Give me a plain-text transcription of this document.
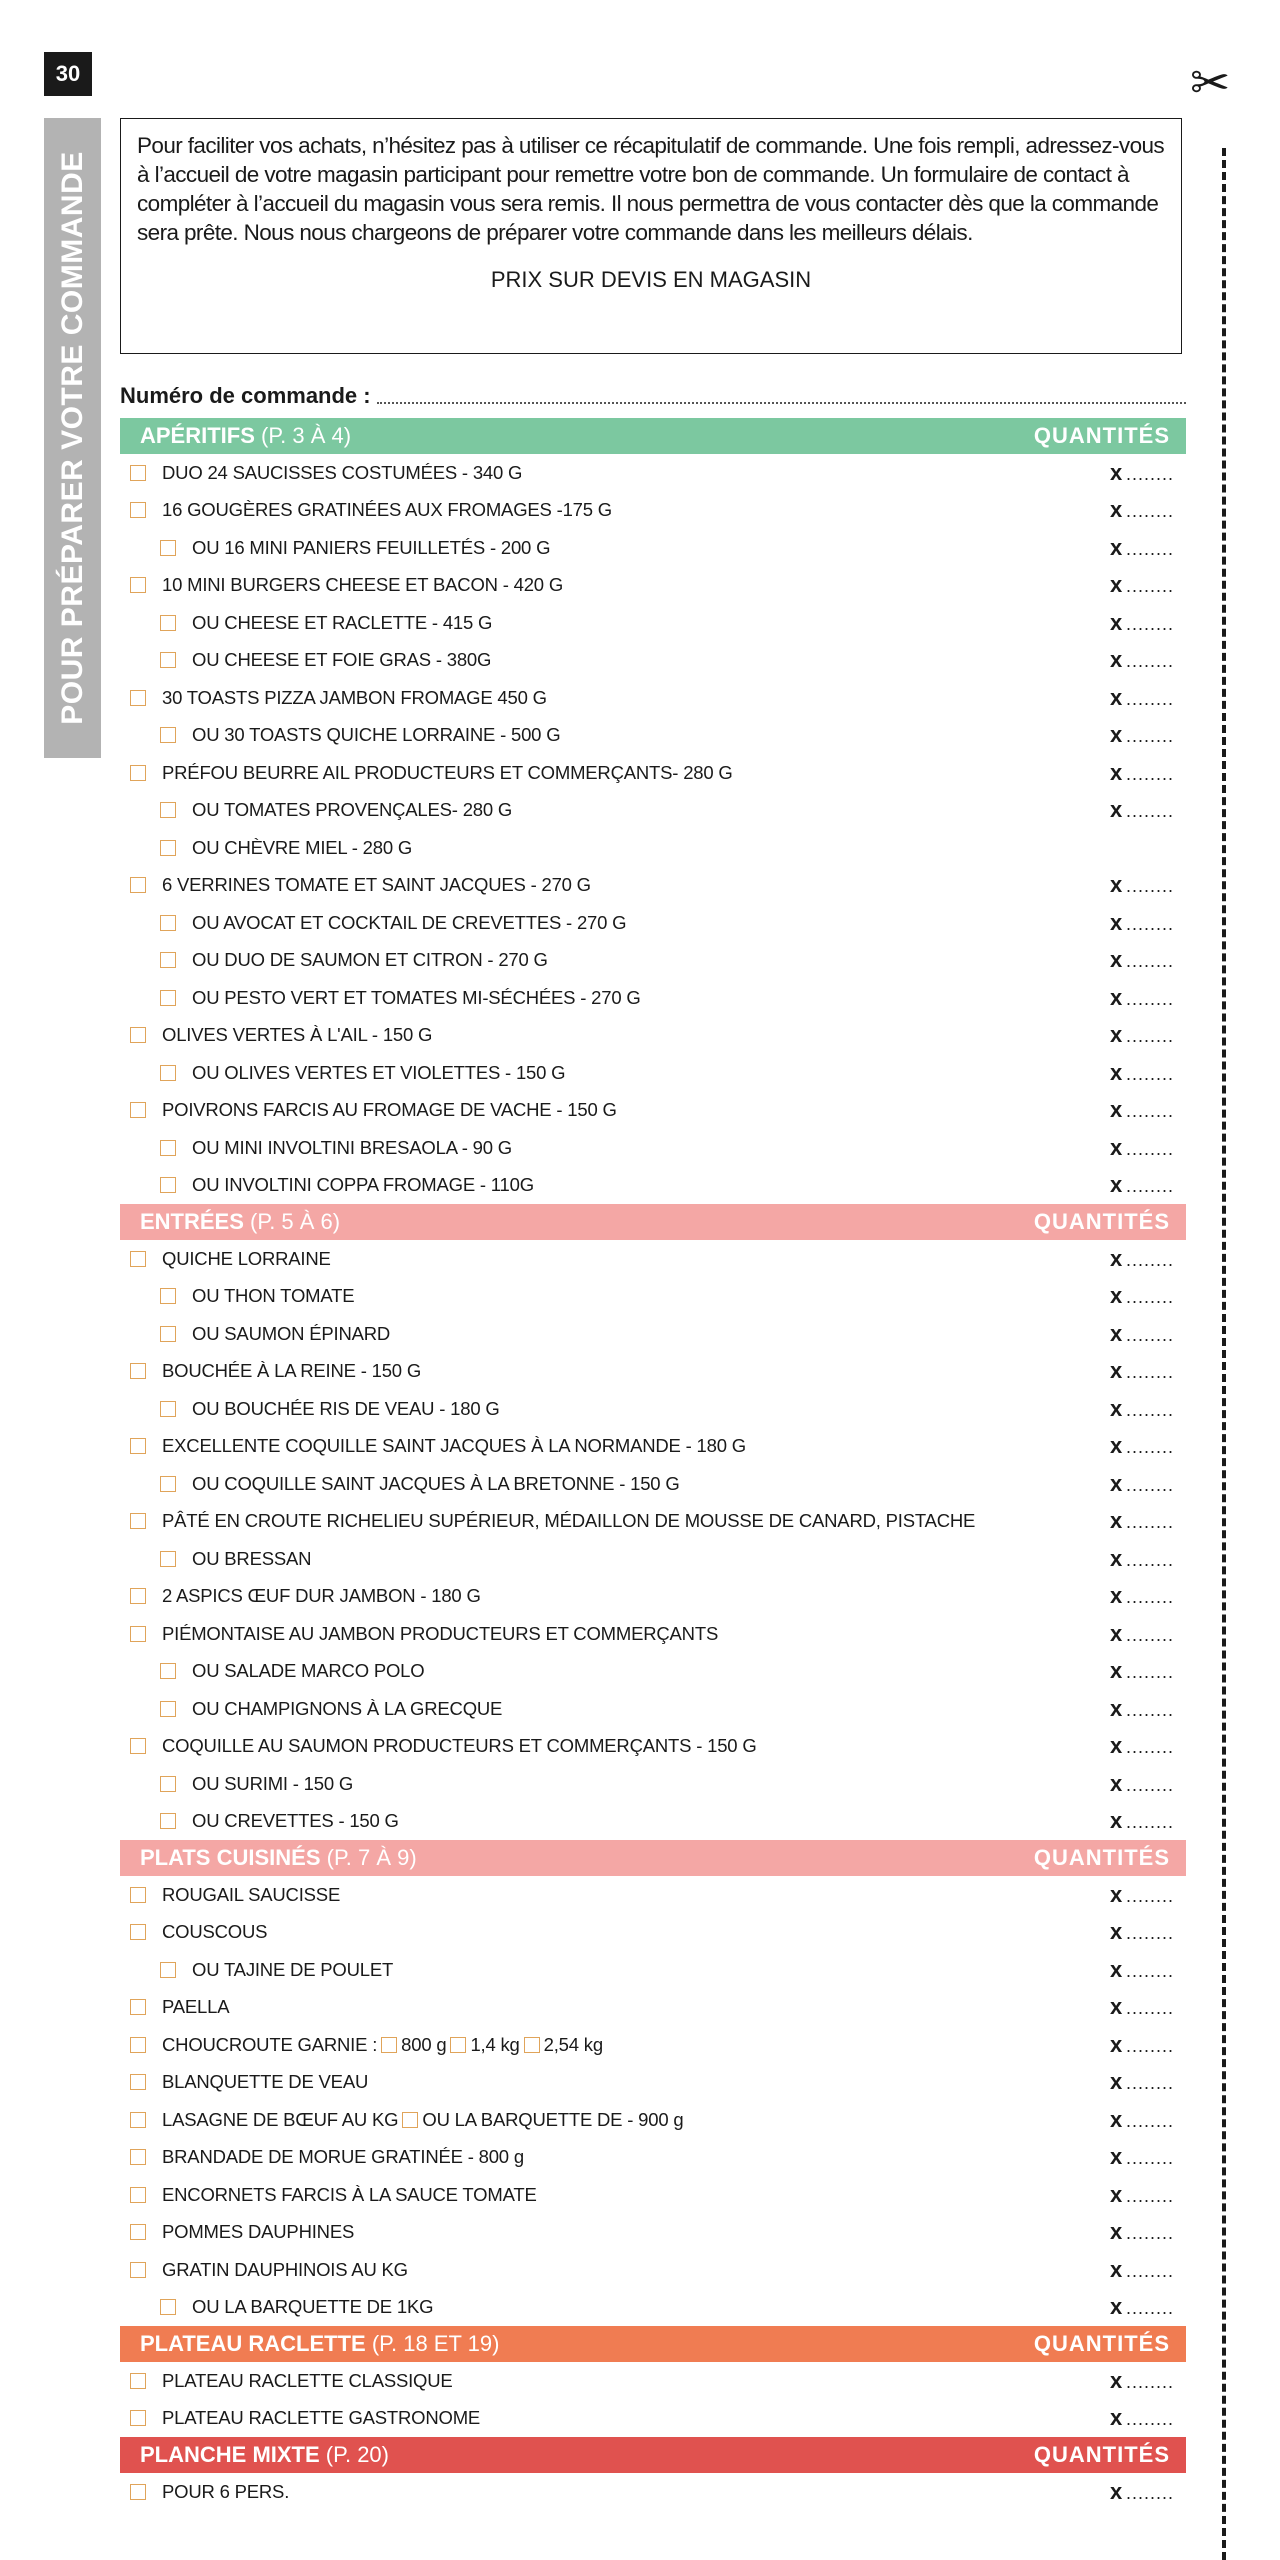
30
POUR PRÉPARER VOTRE COMMANDE
✂

Pour faciliter vos achats, n’hésitez pas à utiliser ce récapitulatif de commande. Une fois rempli, adressez-vous à l’accueil de votre magasin participant pour remettre votre bon de commande. Un formulaire de contact à compléter à l’accueil du magasin vous sera remis. Il nous permettra de vous contacter dès que la commande sera prête. Nous nous chargeons de préparer votre commande dans les meilleurs délais.

PRIX SUR DEVIS EN MAGASIN

Numéro de commande :
APÉRITIFS (P. 3 À 4)	QUANTITÉS
DUO 24 SAUCISSES COSTUMÉES - 340 G	x ........
16 GOUGÈRES GRATINÉES AUX FROMAGES -175 G	x ........
OU 16 MINI PANIERS FEUILLETÉS - 200 G	x ........
10 MINI BURGERS CHEESE ET BACON - 420 G	x ........
OU CHEESE ET RACLETTE - 415 G	x ........
OU CHEESE ET FOIE GRAS - 380G	x ........
30 TOASTS PIZZA JAMBON FROMAGE 450 G	x ........
OU 30 TOASTS QUICHE LORRAINE - 500 G	x ........
PRÉFOU BEURRE AIL PRODUCTEURS ET COMMERÇANTS- 280 G	x ........
OU TOMATES PROVENÇALES- 280 G	x ........
OU CHÈVRE MIEL - 280 G
6 VERRINES TOMATE ET SAINT JACQUES - 270 G	x ........
OU AVOCAT ET COCKTAIL DE CREVETTES - 270 G	x ........
OU DUO DE SAUMON ET CITRON - 270 G	x ........
OU PESTO VERT ET TOMATES MI-SÉCHÉES - 270 G	x ........
OLIVES VERTES À L'AIL - 150 G	x ........
OU OLIVES VERTES ET VIOLETTES - 150 G	x ........
POIVRONS FARCIS AU FROMAGE DE VACHE - 150 G	x ........
OU MINI INVOLTINI BRESAOLA - 90 G	x ........
OU INVOLTINI COPPA FROMAGE - 110G	x ........
ENTRÉES (P. 5 À 6)	QUANTITÉS
QUICHE LORRAINE	x ........
OU THON TOMATE	x ........
OU SAUMON ÉPINARD	x ........
BOUCHÉE À LA REINE - 150 G	x ........
OU BOUCHÉE RIS DE VEAU - 180 G	x ........
EXCELLENTE COQUILLE SAINT JACQUES À LA NORMANDE - 180 G	x ........
OU COQUILLE SAINT JACQUES À LA BRETONNE - 150 G	x ........
PÂTÉ EN CROUTE RICHELIEU SUPÉRIEUR, MÉDAILLON DE MOUSSE DE CANARD, PISTACHE	x ........
OU BRESSAN	x ........
2 ASPICS ŒUF DUR JAMBON - 180 G	x ........
PIÉMONTAISE AU JAMBON PRODUCTEURS ET COMMERÇANTS	x ........
OU SALADE MARCO POLO	x ........
OU CHAMPIGNONS À LA GRECQUE	x ........
COQUILLE AU SAUMON PRODUCTEURS ET COMMERÇANTS - 150 G	x ........
OU SURIMI - 150 G	x ........
OU CREVETTES - 150 G	x ........
PLATS CUISINÉS (P. 7 À 9)	QUANTITÉS
ROUGAIL SAUCISSE	x ........
COUSCOUS	x ........
OU TAJINE DE POULET	x ........
PAELLA	x ........
CHOUCROUTE GARNIE : 800 g 1,4 kg 2,54 kg	x ........
BLANQUETTE DE VEAU	x ........
LASAGNE DE BŒUF AU KG OU LA BARQUETTE DE - 900 g	x ........
BRANDADE DE MORUE GRATINÉE - 800 g	x ........
ENCORNETS FARCIS À LA SAUCE TOMATE	x ........
POMMES DAUPHINES	x ........
GRATIN DAUPHINOIS AU KG	x ........
OU LA BARQUETTE DE 1KG	x ........
PLATEAU RACLETTE (P. 18 ET 19)	QUANTITÉS
PLATEAU RACLETTE CLASSIQUE	x ........
PLATEAU RACLETTE GASTRONOME	x ........
PLANCHE MIXTE (P. 20)	QUANTITÉS
POUR 6 PERS.	x ........
